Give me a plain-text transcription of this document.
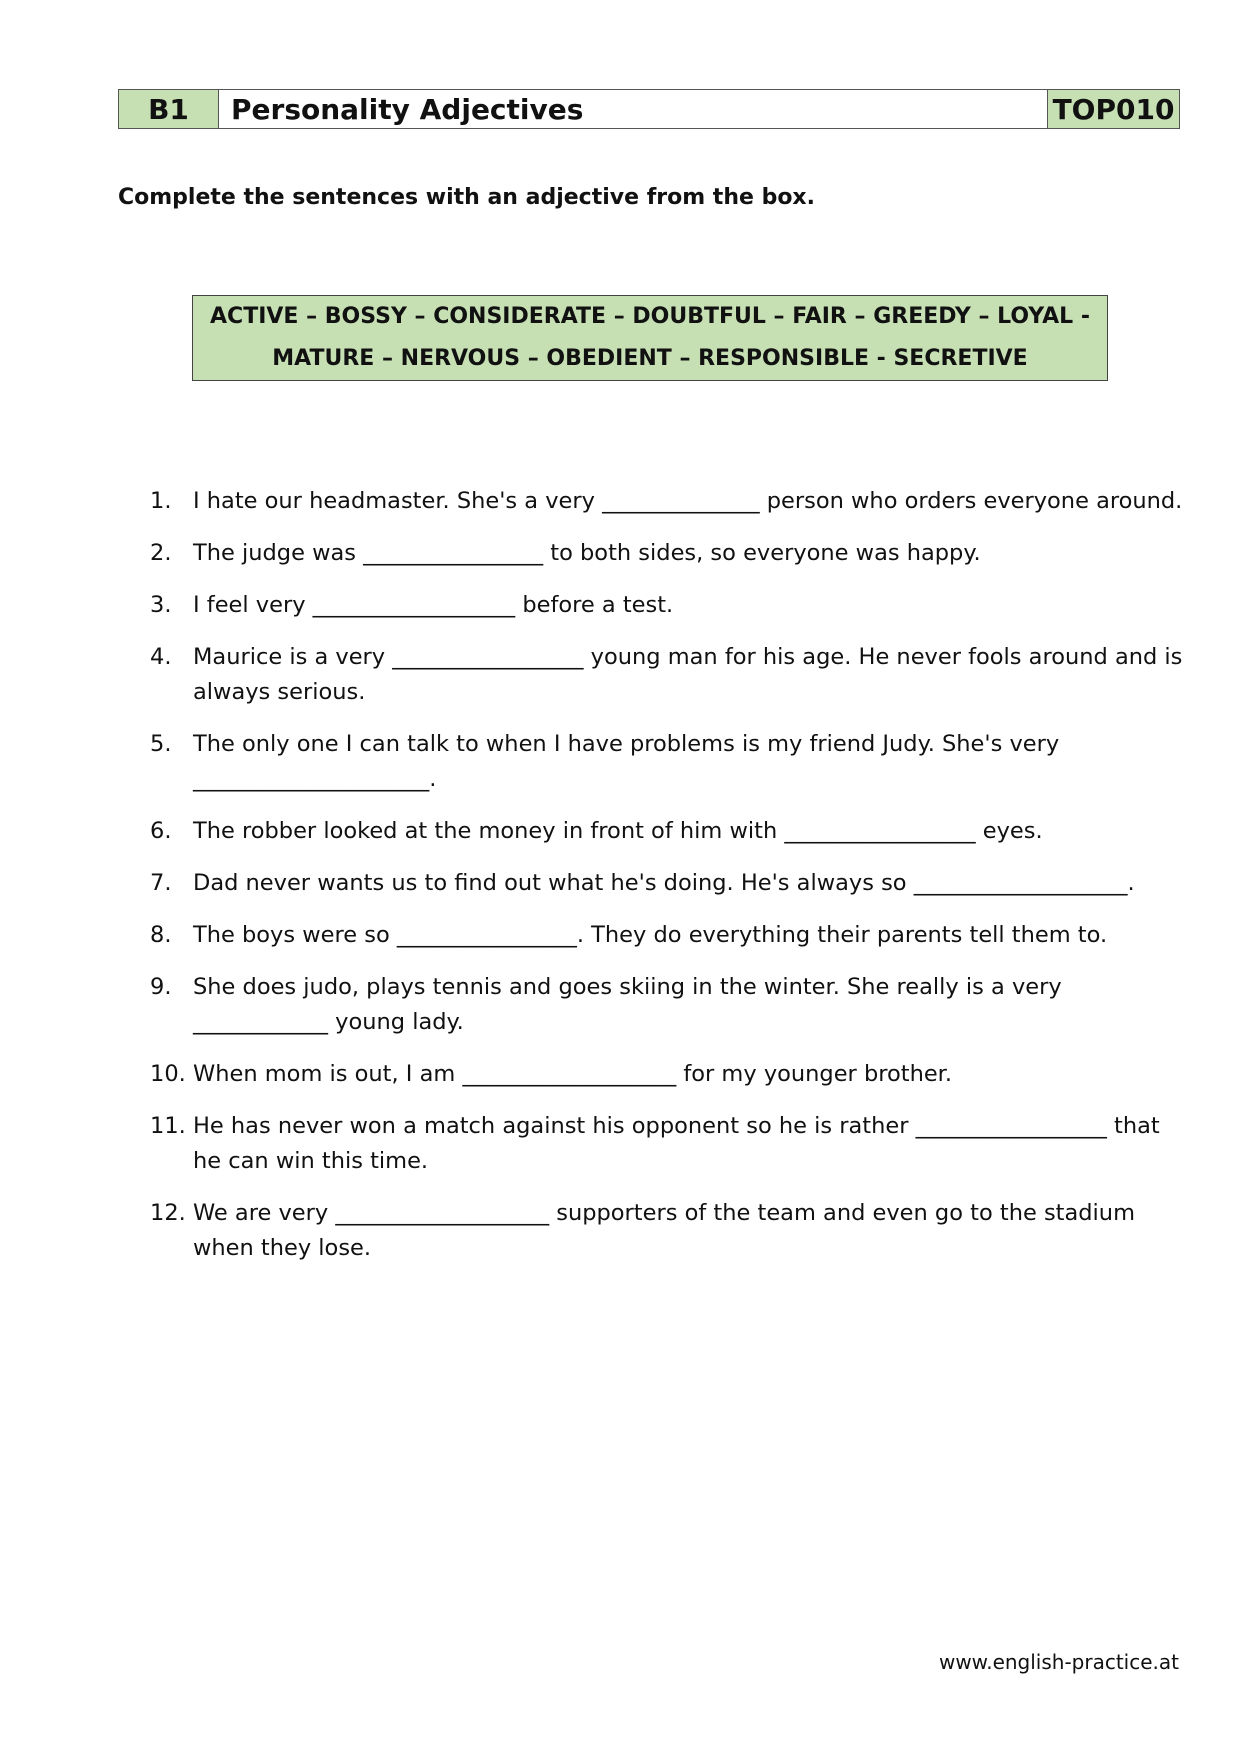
B1	Personality Adjectives	TOP010
Complete the sentences with an adjective from the box.
ACTIVE – BOSSY – CONSIDERATE – DOUBTFUL – FAIR – GREEDY – LOYAL -
MATURE – NERVOUS – OBEDIENT – RESPONSIBLE - SECRETIVE
1. I hate our headmaster. She's a very ______________ person who orders everyone around.
2. The judge was ________________ to both sides, so everyone was happy.
3. I feel very __________________ before a test.
4. Maurice is a very _________________ young man for his age. He never fools around and is always serious.
5. The only one I can talk to when I have problems is my friend Judy. She's very _____________________.
6. The robber looked at the money in front of him with _________________ eyes.
7. Dad never wants us to find out what he's doing. He's always so ___________________.
8. The boys were so ________________. They do everything their parents tell them to.
9. She does judo, plays tennis and goes skiing in the winter. She really is a very ____________ young lady.
10. When mom is out, I am ___________________ for my younger brother.
11. He has never won a match against his opponent so he is rather _________________ that he can win this time.
12. We are very ___________________ supporters of the team and even go to the stadium when they lose.
www.english-practice.at
